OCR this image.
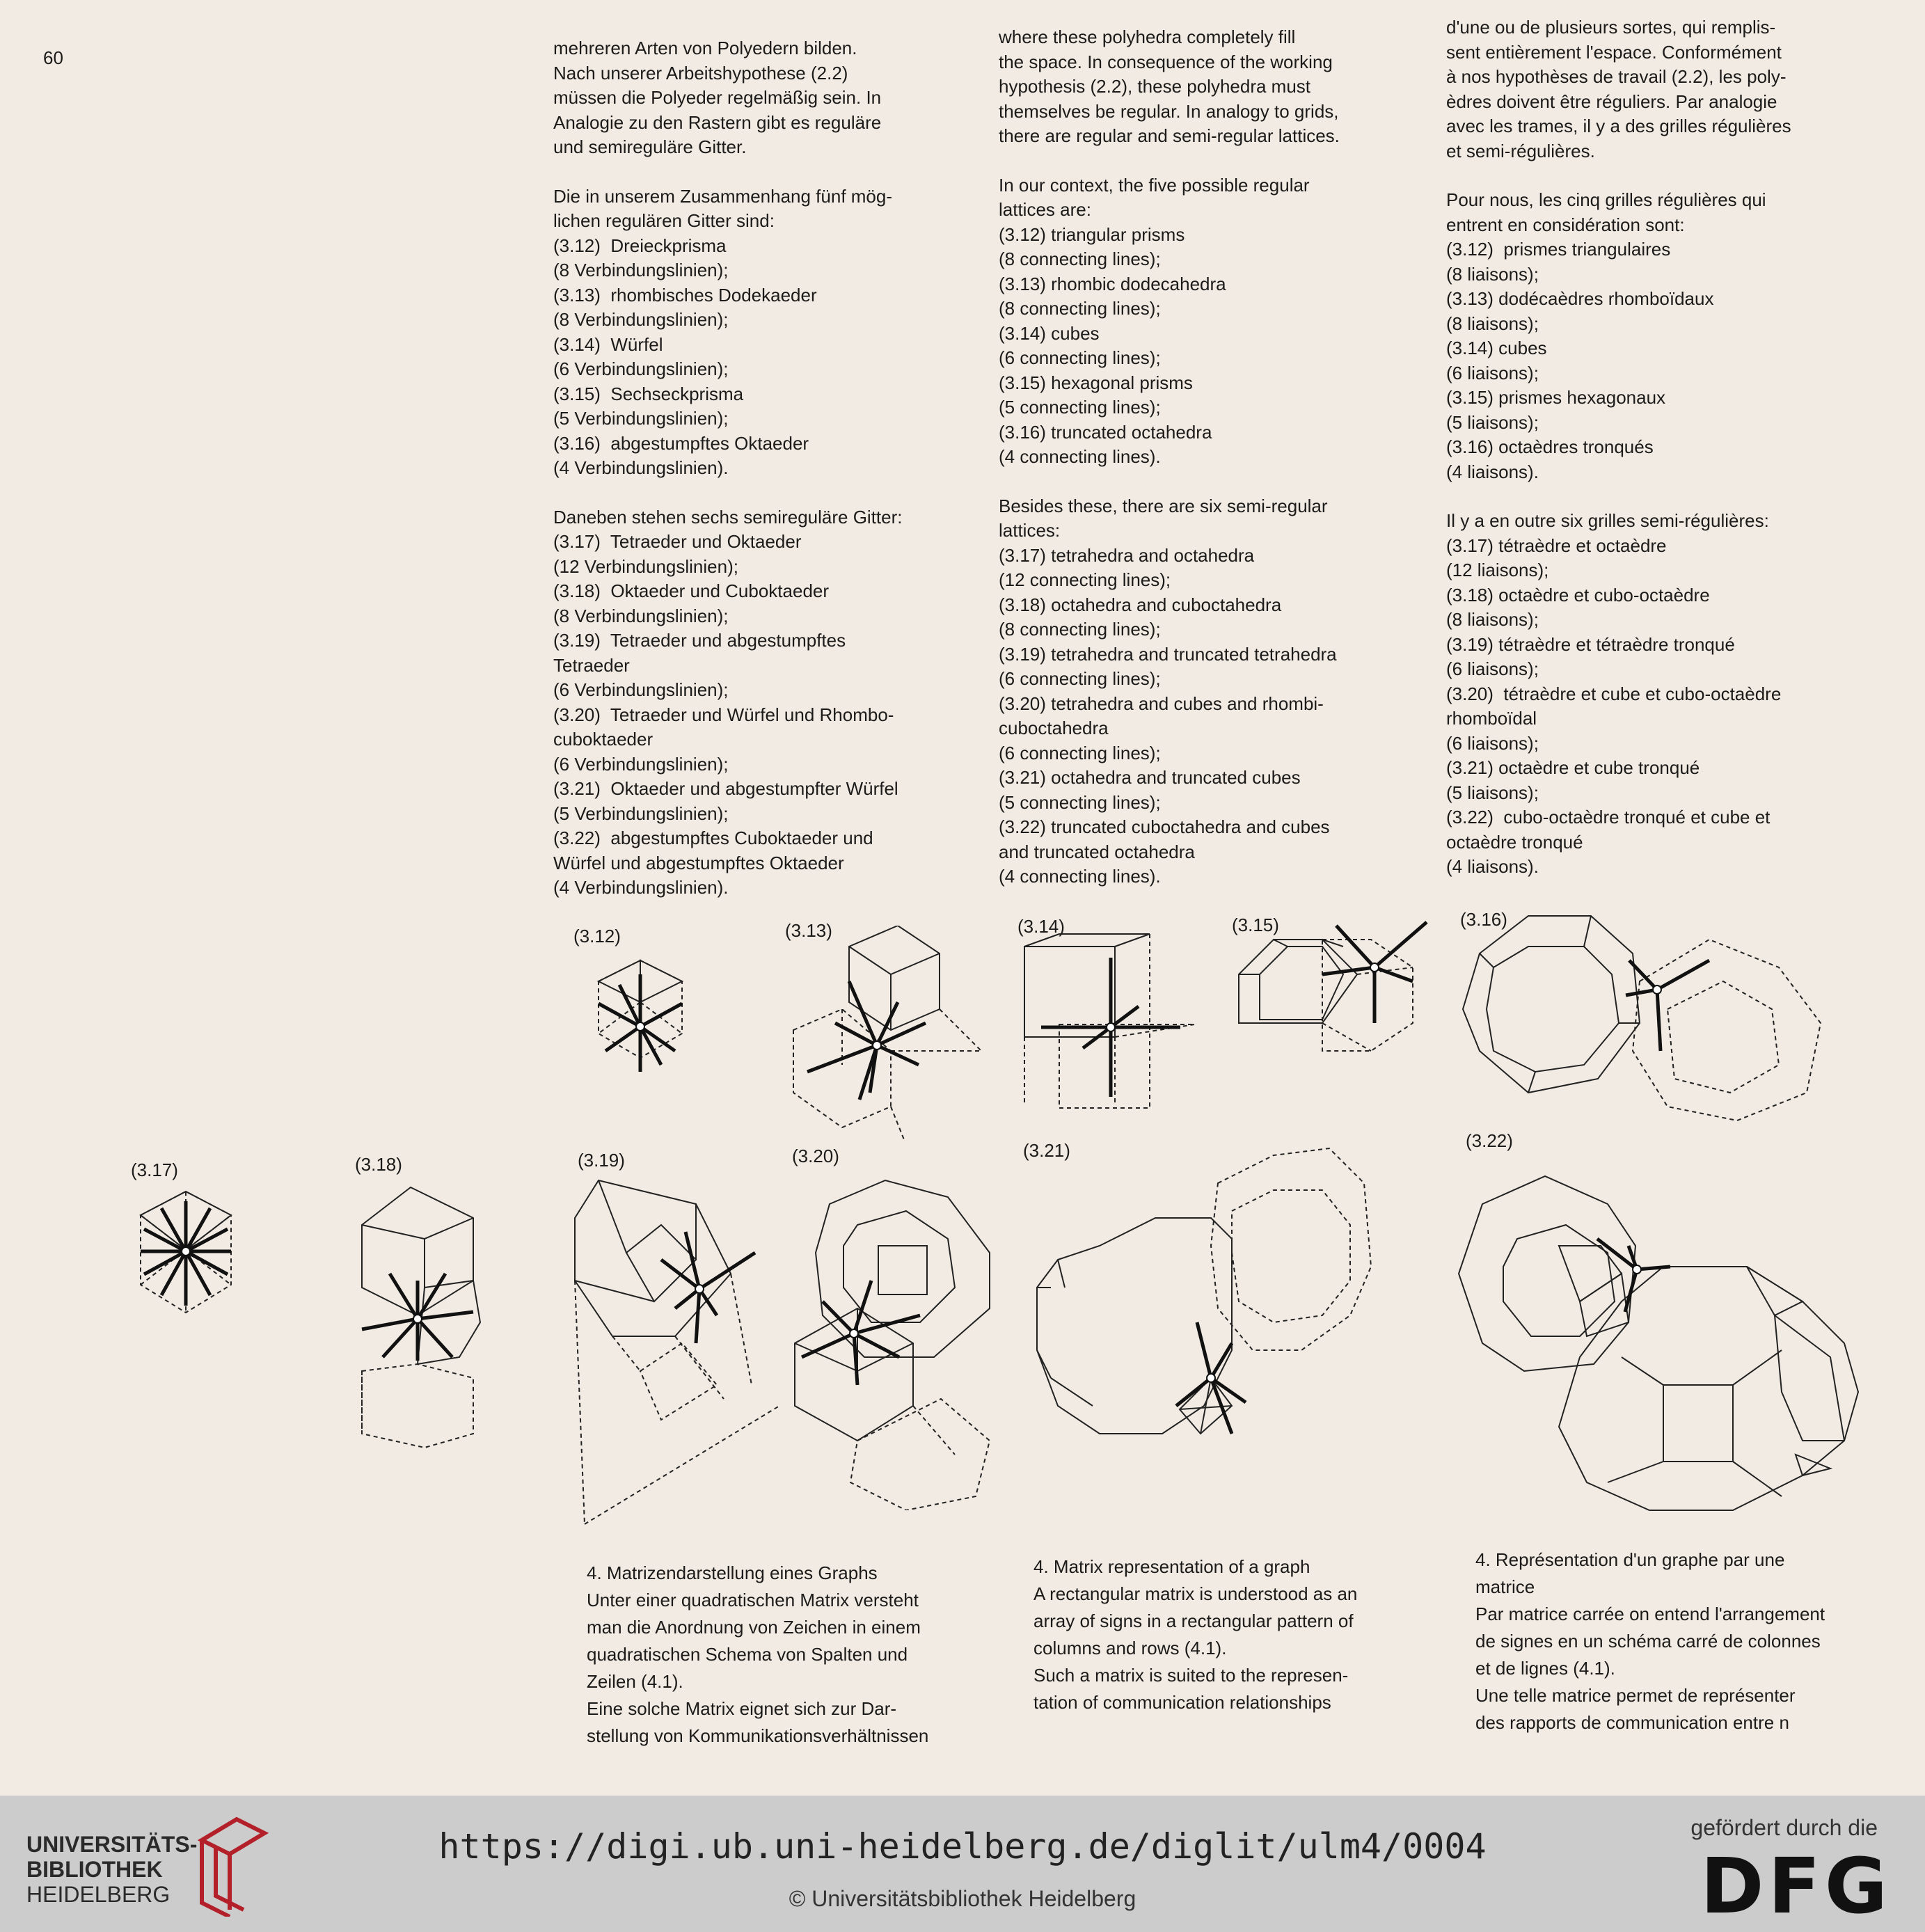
60	mehreren Arten von Polyedern bilden.
Nach unserer Arbeitshypothese (2.2)
müssen die Polyeder regelmäßig sein. In
Analogie zu den Rastern gibt es reguläre
und semireguläre Gitter.
Die in unserem Zusammenhang fünf mög-
lichen regulären Gitter sind:
(3.12)  Dreieckprisma
(8 Verbindungslinien);
(3.13)  rhombisches Dodekaeder
(8 Verbindungslinien);
(3.14)  Würfel
(6 Verbindungslinien);
(3.15)  Sechseckprisma
(5 Verbindungslinien);
(3.16)  abgestumpftes Oktaeder
(4 Verbindungslinien).
Daneben stehen sechs semireguläre Gitter:
(3.17)  Tetraeder und Oktaeder
(12 Verbindungslinien);
(3.18)  Oktaeder und Cuboktaeder
(8 Verbindungslinien);
(3.19)  Tetraeder und abgestumpftes
Tetraeder
(6 Verbindungslinien);
(3.20)  Tetraeder und Würfel und Rhombo-
cuboktaeder
(6 Verbindungslinien);
(3.21)  Oktaeder und abgestumpfter Würfel
(5 Verbindungslinien);
(3.22)  abgestumpftes Cuboktaeder und
Würfel und abgestumpftes Oktaeder
(4 Verbindungslinien).
where these polyhedra completely fill
the space. In consequence of the working
hypothesis (2.2), these polyhedra must
themselves be regular. In analogy to grids,
there are regular and semi-regular lattices.
In our context, the five possible regular
lattices are:
(3.12) triangular prisms
(8 connecting lines);
(3.13) rhombic dodecahedra
(8 connecting lines);
(3.14) cubes
(6 connecting lines);
(3.15) hexagonal prisms
(5 connecting lines);
(3.16) truncated octahedra
(4 connecting lines).
Besides these, there are six semi-regular
lattices:
(3.17) tetrahedra and octahedra
(12 connecting lines);
(3.18) octahedra and cuboctahedra
(8 connecting lines);
(3.19) tetrahedra and truncated tetrahedra
(6 connecting lines);
(3.20) tetrahedra and cubes and rhombi-
cuboctahedra
(6 connecting lines);
(3.21) octahedra and truncated cubes
(5 connecting lines);
(3.22) truncated cuboctahedra and cubes
and truncated octahedra
(4 connecting lines).
d'une ou de plusieurs sortes, qui remplis-
sent entièrement l'espace. Conformément
à nos hypothèses de travail (2.2), les poly-
èdres doivent être réguliers. Par analogie
avec les trames, il y a des grilles régulières
et semi-régulières.
Pour nous, les cinq grilles régulières qui
entrent en considération sont:
(3.12)  prismes triangulaires
(8 liaisons);
(3.13) dodécaèdres rhomboïdaux
(8 liaisons);
(3.14) cubes
(6 liaisons);
(3.15) prismes hexagonaux
(5 liaisons);
(3.16) octaèdres tronqués
(4 liaisons).
Il y a en outre six grilles semi-régulières:
(3.17) tétraèdre et octaèdre
(12 liaisons);
(3.18) octaèdre et cubo-octaèdre
(8 liaisons);
(3.19) tétraèdre et tétraèdre tronqué
(6 liaisons);
(3.20)  tétraèdre et cube et cubo-octaèdre
rhomboïdal
(6 liaisons);
(3.21) octaèdre et cube tronqué
(5 liaisons);
(3.22)  cubo-octaèdre tronqué et cube et
octaèdre tronqué
(4 liaisons).
(3.12)	(3.13)	(3.14)	(3.15)	(3.16)
(3.17)	(3.18)	(3.19)	(3.20)	(3.21)	(3.22)
4. Matrizendarstellung eines Graphs
Unter einer quadratischen Matrix versteht
man die Anordnung von Zeichen in einem
quadratischen Schema von Spalten und
Zeilen (4.1).
Eine solche Matrix eignet sich zur Dar-
stellung von Kommunikationsverhältnissen
4. Matrix representation of a graph
A rectangular matrix is understood as an
array of signs in a rectangular pattern of
columns and rows (4.1).
Such a matrix is suited to the represen-
tation of communication relationships
4. Représentation d'un graphe par une
matrice
Par matrice carrée on entend l'arrangement
de signes en un schéma carré de colonnes
et de lignes (4.1).
Une telle matrice permet de représenter
des rapports de communication entre n
UNIVERSITÄTS-
BIBLIOTHEK
HEIDELBERG
https://digi.ub.uni-heidelberg.de/diglit/ulm4/0004
© Universitätsbibliothek Heidelberg
gefördert durch die
DFG
